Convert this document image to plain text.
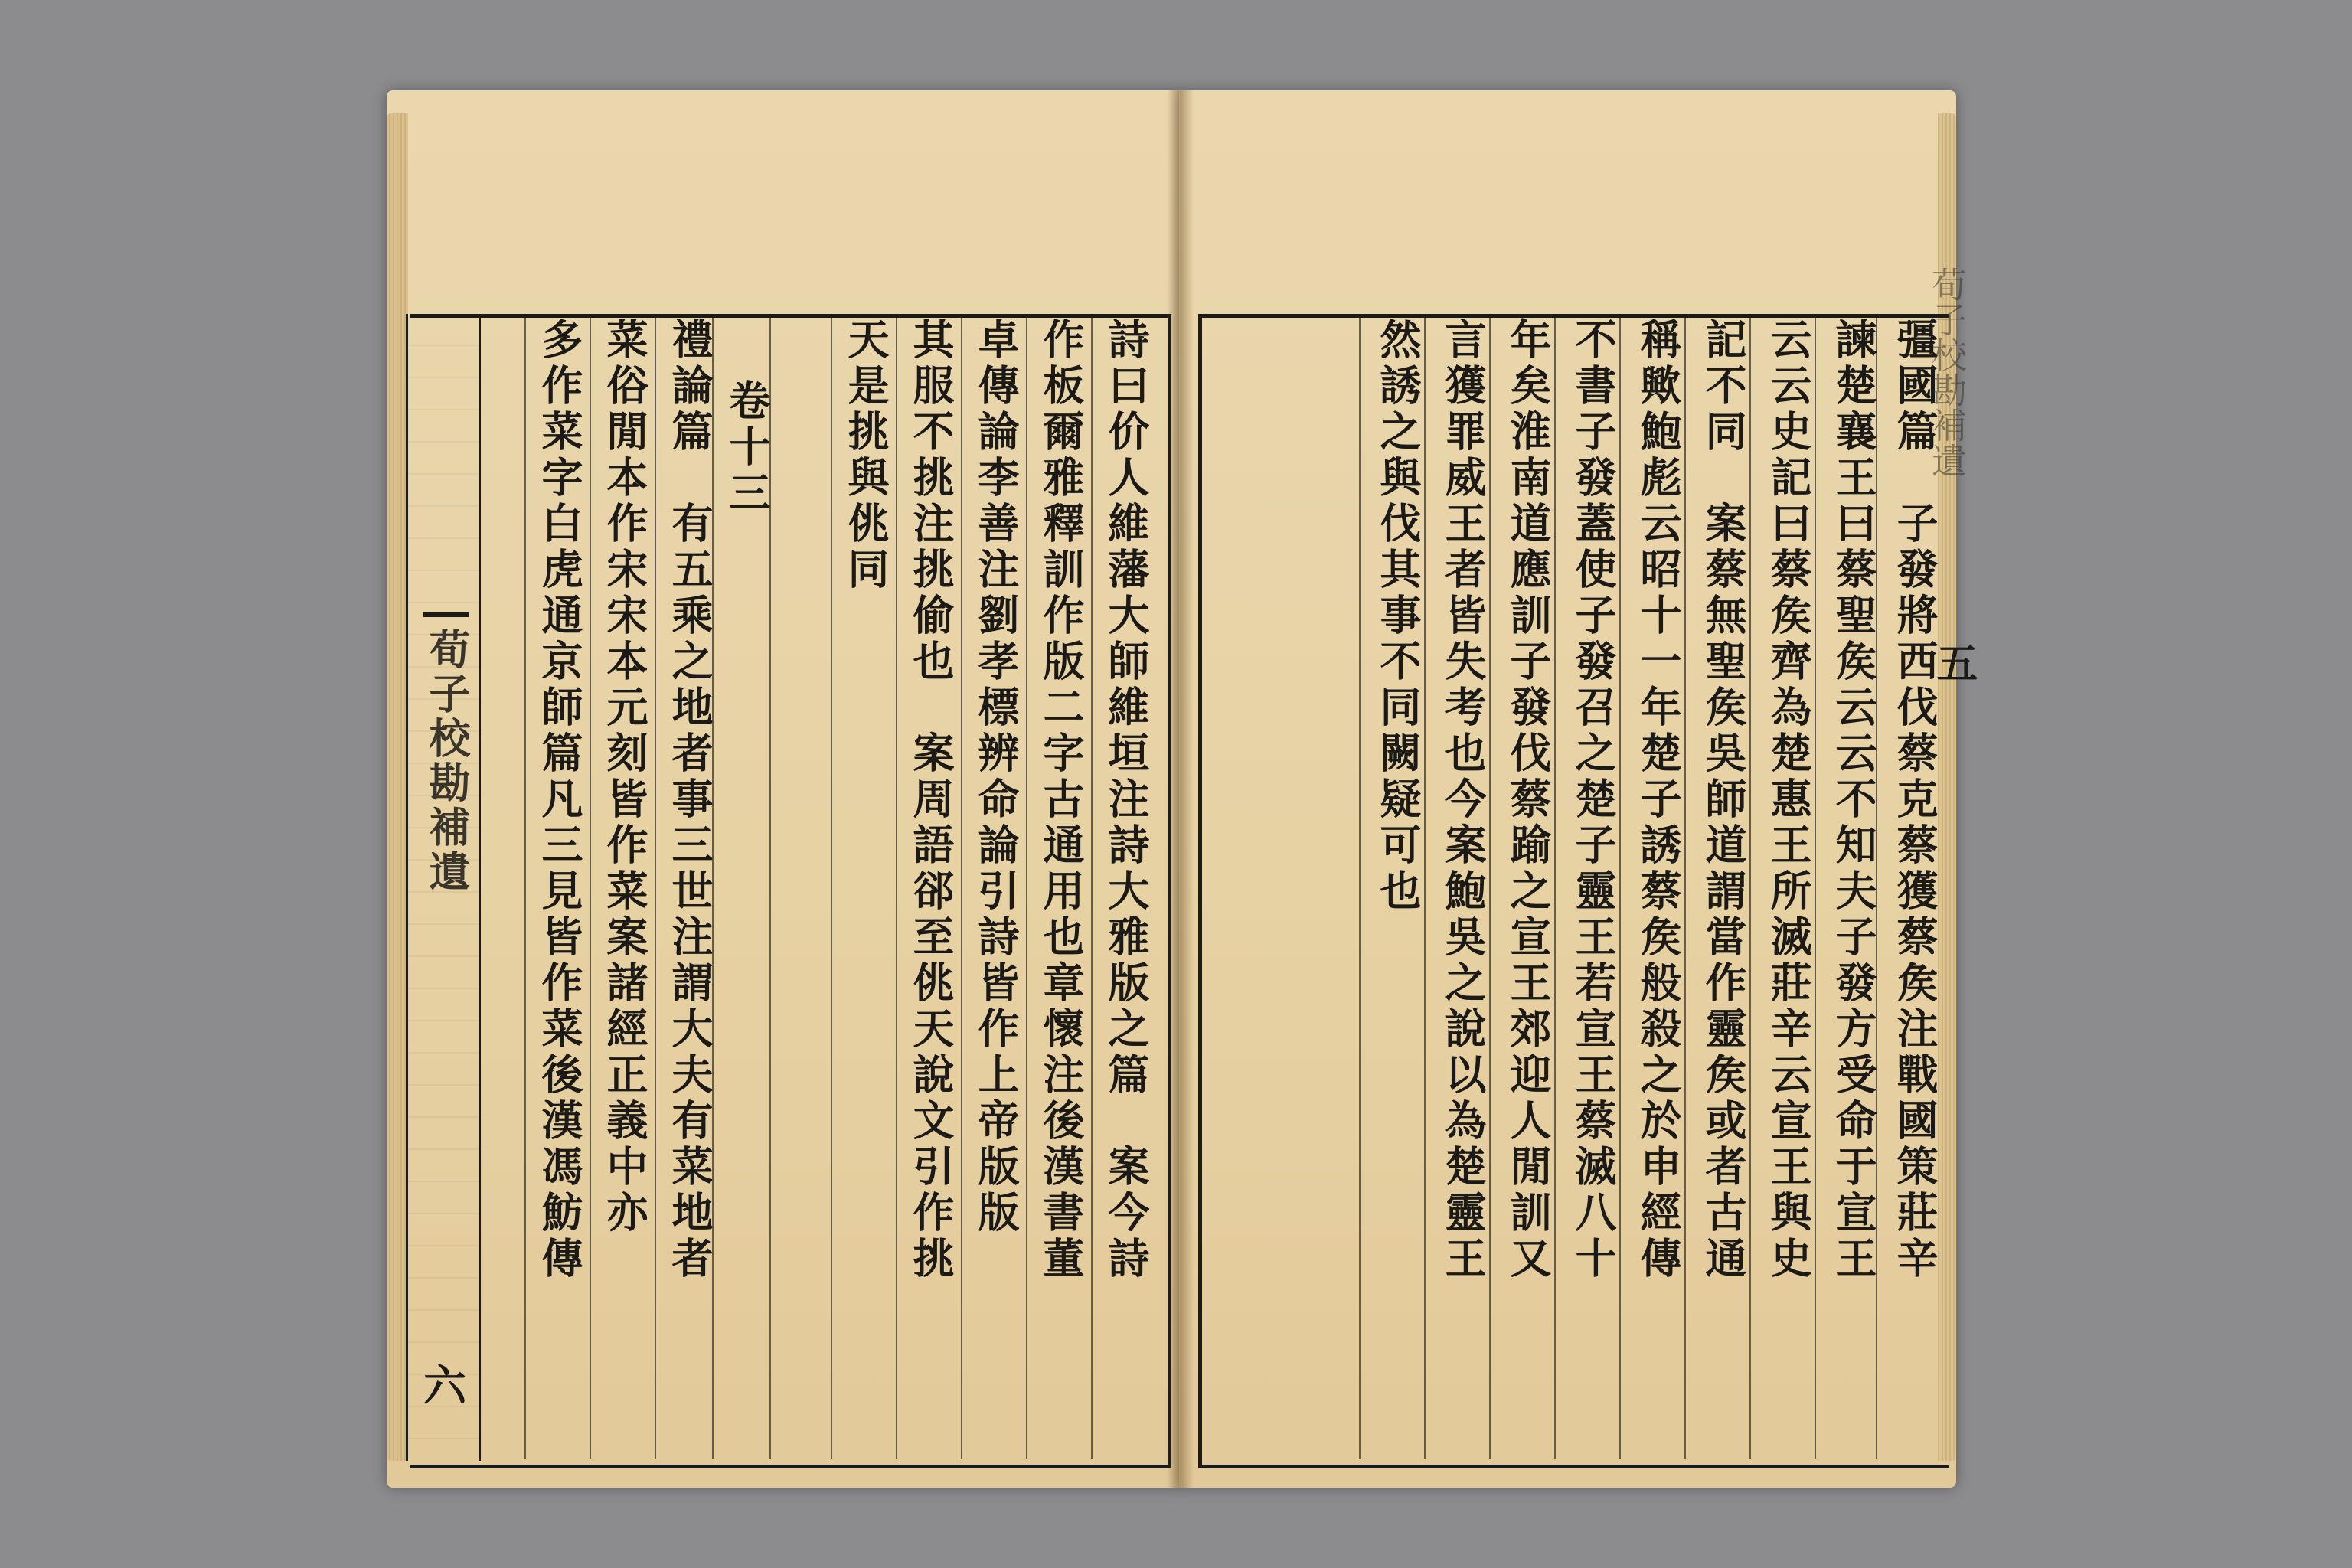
荀子校勘補遺
六
詩曰价人維藩大師維垣注詩大雅版之篇　案今詩
作板爾雅釋訓作版二字古通用也章懷注後漢書董
卓傳論李善注劉孝標辨命論引詩皆作上帝版版
其服不挑注挑偷也　案周語郤至佻天說文引作挑
天是挑與佻同
卷十三
禮論篇　有五乘之地者事三世注謂大夫有菜地者
菜俗閒本作宋宋本元刻皆作菜案諸經正義中亦
多作菜字白虎通京師篇凡三見皆作菜後漢馮魴傳	彊國篇　子發將西伐蔡克蔡獲蔡矦注戰國策莊辛
諫楚襄王曰蔡聖矦云云不知夫子發方受命于宣王
云云史記曰蔡矦齊為楚惠王所滅莊辛云宣王與史
記不同　案蔡無聖矦吳師道謂當作靈矦或者古通
稱歟鮑彪云昭十一年楚子誘蔡矦般殺之於申經傳
不書子發蓋使子發召之楚子靈王若宣王蔡滅八十
年矣淮南道應訓子發伐蔡踰之宣王郊迎人閒訓又
言獲罪威王者皆失考也今案鮑吳之說以為楚靈王
然誘之與伐其事不同闕疑可也	荀子校勘補遺
五
